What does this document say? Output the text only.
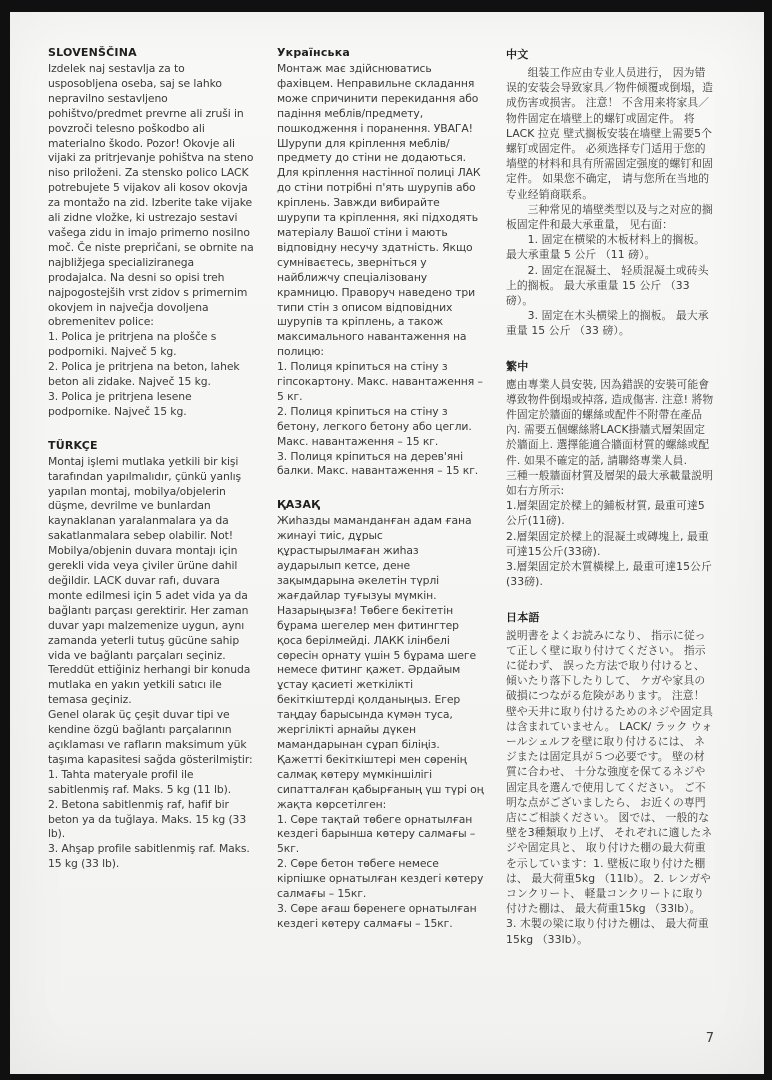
SLOVENŠČINA

Izdelek naj sestavlja za to usposobljena oseba, saj se lahko nepravilno sestavljeno pohištvo/predmet prevrne ali zruši in povzroči telesno poškodbo ali materialno škodo. Pozor! Okovje ali vijaki za pritrjevanje pohištva na steno niso priloženi. Za stensko polico LACK potrebujete 5 vijakov ali kosov okovja za montažo na zid. Izberite take vijake ali zidne vložke, ki ustrezajo sestavi vašega zidu in imajo primerno nosilno moč. Če niste prepričani, se obrnite na najbližjega specializiranega prodajalca. Na desni so opisi treh najpogostejših vrst zidov s primernim okovjem in največja dovoljena obremenitev police:

1. Polica je pritrjena na plošče s podporniki. Največ 5 kg.

2. Polica je pritrjena na beton, lahek beton ali zidake. Največ 15 kg.

3. Polica je pritrjena lesene podpornike. Največ 15 kg.

TÜRKÇE

Montaj işlemi mutlaka yetkili bir kişi tarafından yapılmalıdır, çünkü yanlış yapılan montaj, mobilya/objelerin düşme, devrilme ve bunlardan kaynaklanan yaralanmalara ya da sakatlanmalara sebep olabilir. Not! Mobilya/objenin duvara montajı için gerekli vida veya çiviler ürüne dahil değildir. LACK duvar rafı, duvara monte edilmesi için 5 adet vida ya da bağlantı parçası gerektirir. Her zaman duvar yapı malzemenize uygun, aynı zamanda yeterli tutuş gücüne sahip vida ve bağlantı parçaları seçiniz. Tereddüt ettiğiniz herhangi bir konuda mutlaka en yakın yetkili satıcı ile temasa geçiniz.

Genel olarak üç çeşit duvar tipi ve kendine özgü bağlantı parçalarının açıklaması ve rafların maksimum yük taşıma kapasitesi sağda gösterilmiştir:

1. Tahta materyale profil ile sabitlenmiş raf. Maks. 5 kg (11 lb).

2. Betona sabitlenmiş raf, hafif bir beton ya da tuğlaya. Maks. 15 kg (33 lb).

3. Ahşap profile sabitlenmiş raf. Maks. 15 kg (33 lb).

Українська

Монтаж має здійснюватись фахівцем. Неправильне складання може спричинити перекидання або падіння меблів/предмету, пошкодження і поранення. УВАГА! Шурупи для кріплення меблів/предмету до стіни не додаються. Для кріплення настінної полиці ЛАК до стіни потрібні п'ять шурупів або кріплень. Завжди вибирайте шурупи та кріплення, які підходять матеріалу Вашої стіни і мають відповідну несучу здатність. Якщо сумніваєтесь, зверніться у найближчу спеціалізовану крамницю. Праворуч наведено три типи стін з описом відповідних шурупів та кріплень, а також максимального навантаження на полицю:

1. Полиця кріпиться на стіну з гіпсокартону. Макс. навантаження – 5 кг.

2. Полиця кріпиться на стіну з бетону, легкого бетону або цегли. Макс. навантаження – 15 кг.

3. Полиця кріпиться на дерев'яні балки. Макс. навантаження – 15 кг.

ҚАЗАҚ

Жиһазды маманданған адам ғана жинауі тиіс, дұрыс құрастырылмаған жиһаз аударылып кетсе, дене зақымдарына әкелетін түрлі жағдайлар туғызуы мүмкін. Назарыңызға! Төбеге бекітетін бұрама шегелер мен фитингтер қоса берілмейді. ЛАКК ілінбелі сөресін орнату үшін 5 бұрама шеге немесе фитинг қажет. Әрдайым ұстау қасиеті жеткілікті бекіткіштерді қолданыңыз. Егер таңдау барысында күмән туса, жергілікті арнайы дүкен мамандарынан сұрап біліңіз. Қажетті бекіткіштері мен сөренің салмақ көтеру мүмкіншілігі сипатталған қабырғаның үш түрі оң жақта көрсетілген:

1. Сөре тақтай төбеге орнатылған кездегі барынша көтеру салмағы – 5кг.

2. Сөре бетон төбеге немесе кірпішке орнатылған кездегі көтеру салмағы – 15кг.

3. Сөре ағаш бөренеге орнатылған кездегі көтеру салмағы – 15кг.

中文

组装工作应由专业人员进行， 因为错误的安装会导致家具／物件倾覆或倒塌，造成伤害或损害。 注意！ 不含用来将家具／物件固定在墙壁上的螺钉或固定件。 将 LACK 拉克 壁式搁板安装在墙壁上需要5个螺钉或固定件。 必须选择专门适用于您的墙壁的材料和具有所需固定强度的螺钉和固定件。 如果您不确定， 请与您所在当地的专业经销商联系。

三种常见的墙壁类型以及与之对应的搁板固定件和最大承重量， 见右面：

1. 固定在横梁的木板材料上的搁板。 最大承重量 5 公斤 （11 磅）。

2. 固定在混凝土、 轻质混凝土或砖头上的搁板。 最大承重量 15 公斤 （33 磅）。

3. 固定在木头横梁上的搁板。 最大承重量 15 公斤 （33 磅）。

繁中

應由專業人員安裝, 因為錯誤的安裝可能會導致物件倒塌或掉落, 造成傷害. 注意! 將物件固定於牆面的螺絲或配件不附帶在產品內. 需要五個螺絲將LACK掛牆式層架固定於牆面上. 選擇能適合牆面材質的螺絲或配件. 如果不確定的話, 請聯絡專業人員.

三種一般牆面材質及層架的最大承載量説明如右方所示:

1.層架固定於樑上的鋪板材質, 最重可達5公斤(11磅).

2.層架固定於樑上的混凝土或磚塊上, 最重可達15公斤(33磅).

3.層架固定於木質橫樑上, 最重可達15公斤(33磅).

日本語

説明書をよくお読みになり、 指示に従って正しく壁に取り付けてください。 指示に従わず、 誤った方法で取り付けると、 傾いたり落下したりして、 ケガや家具の破損につながる危険があります。 注意！壁や天井に取り付けるためのネジや固定具は含まれていません。 LACK/ ラック ウォールシェルフを壁に取り付けるには、 ネジまたは固定具が５つ必要です。 壁の材質に合わせ、 十分な強度を保てるネジや固定具を選んで使用してください。 ご不明な点がございましたら、 お近くの専門店にご相談ください。 図では、 一般的な壁を3種類取り上げ、 それぞれに適したネジや固定具と、 取り付けた棚の最大荷重を示しています：1. 壁板に取り付けた棚は、 最大荷重5kg （11lb）。 2. レンガやコンクリート、 軽量コンクリートに取り付けた棚は、 最大荷重15kg （33lb）。 3. 木製の梁に取り付けた棚は、 最大荷重 15kg （33lb）。

7
